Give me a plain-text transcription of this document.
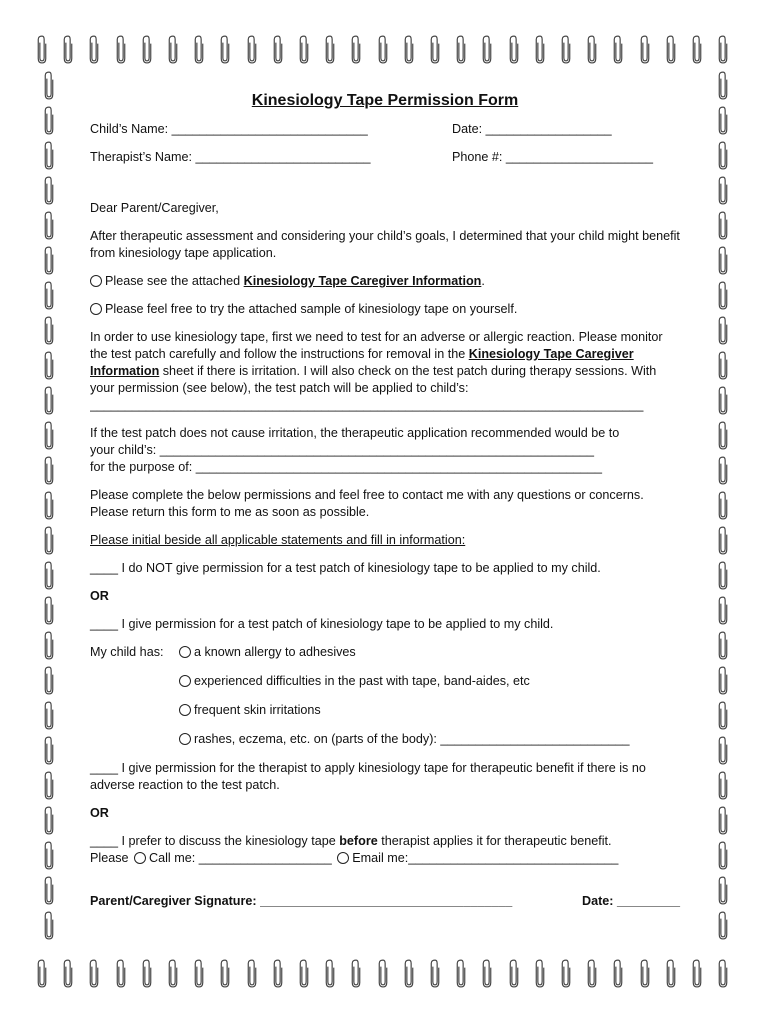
Kinesiology Tape Permission Form
Child’s Name: ____________________________	Date: __________________
Therapist’s Name: _________________________	Phone #: _____________________

Dear Parent/Caregiver,

After therapeutic assessment and considering your child’s goals, I determined that your child might benefit from kinesiology tape application.

Please see the attached Kinesiology Tape Caregiver Information.

Please feel free to try the attached sample of kinesiology tape on yourself.

In order to use kinesiology tape, first we need to test for an adverse or allergic reaction. Please monitor the test patch carefully and follow the instructions for removal in the Kinesiology Tape Caregiver Information sheet if there is irritation. I will also check on the test patch during therapy sessions. With your permission (see below), the test patch will be applied to child’s:

_______________________________________________________________________________
If the test patch does not cause irritation, the therapeutic application recommended would be to
your child’s: ______________________________________________________________
for the purpose of: __________________________________________________________

Please complete the below permissions and feel free to contact me with any questions or concerns. Please return this form to me as soon as possible.

Please initial beside all applicable statements and fill in information:

____ I do NOT give permission for a test patch of kinesiology tape to be applied to my child.

OR

____ I give permission for a test patch of kinesiology tape to be applied to my child.

My child has:	a known allergy to adhesives
experienced difficulties in the past with tape, band-aides, etc
frequent skin irritations
rashes, eczema, etc. on (parts of the body): ___________________________

____ I give permission for the therapist to apply kinesiology tape for therapeutic benefit if there is no adverse reaction to the test patch.

OR

____ I prefer to discuss the kinesiology tape before therapist applies it for therapeutic benefit.
Please Call me: ___________________ Email me:______________________________
Parent/Caregiver Signature: ____________________________________	Date: _________
